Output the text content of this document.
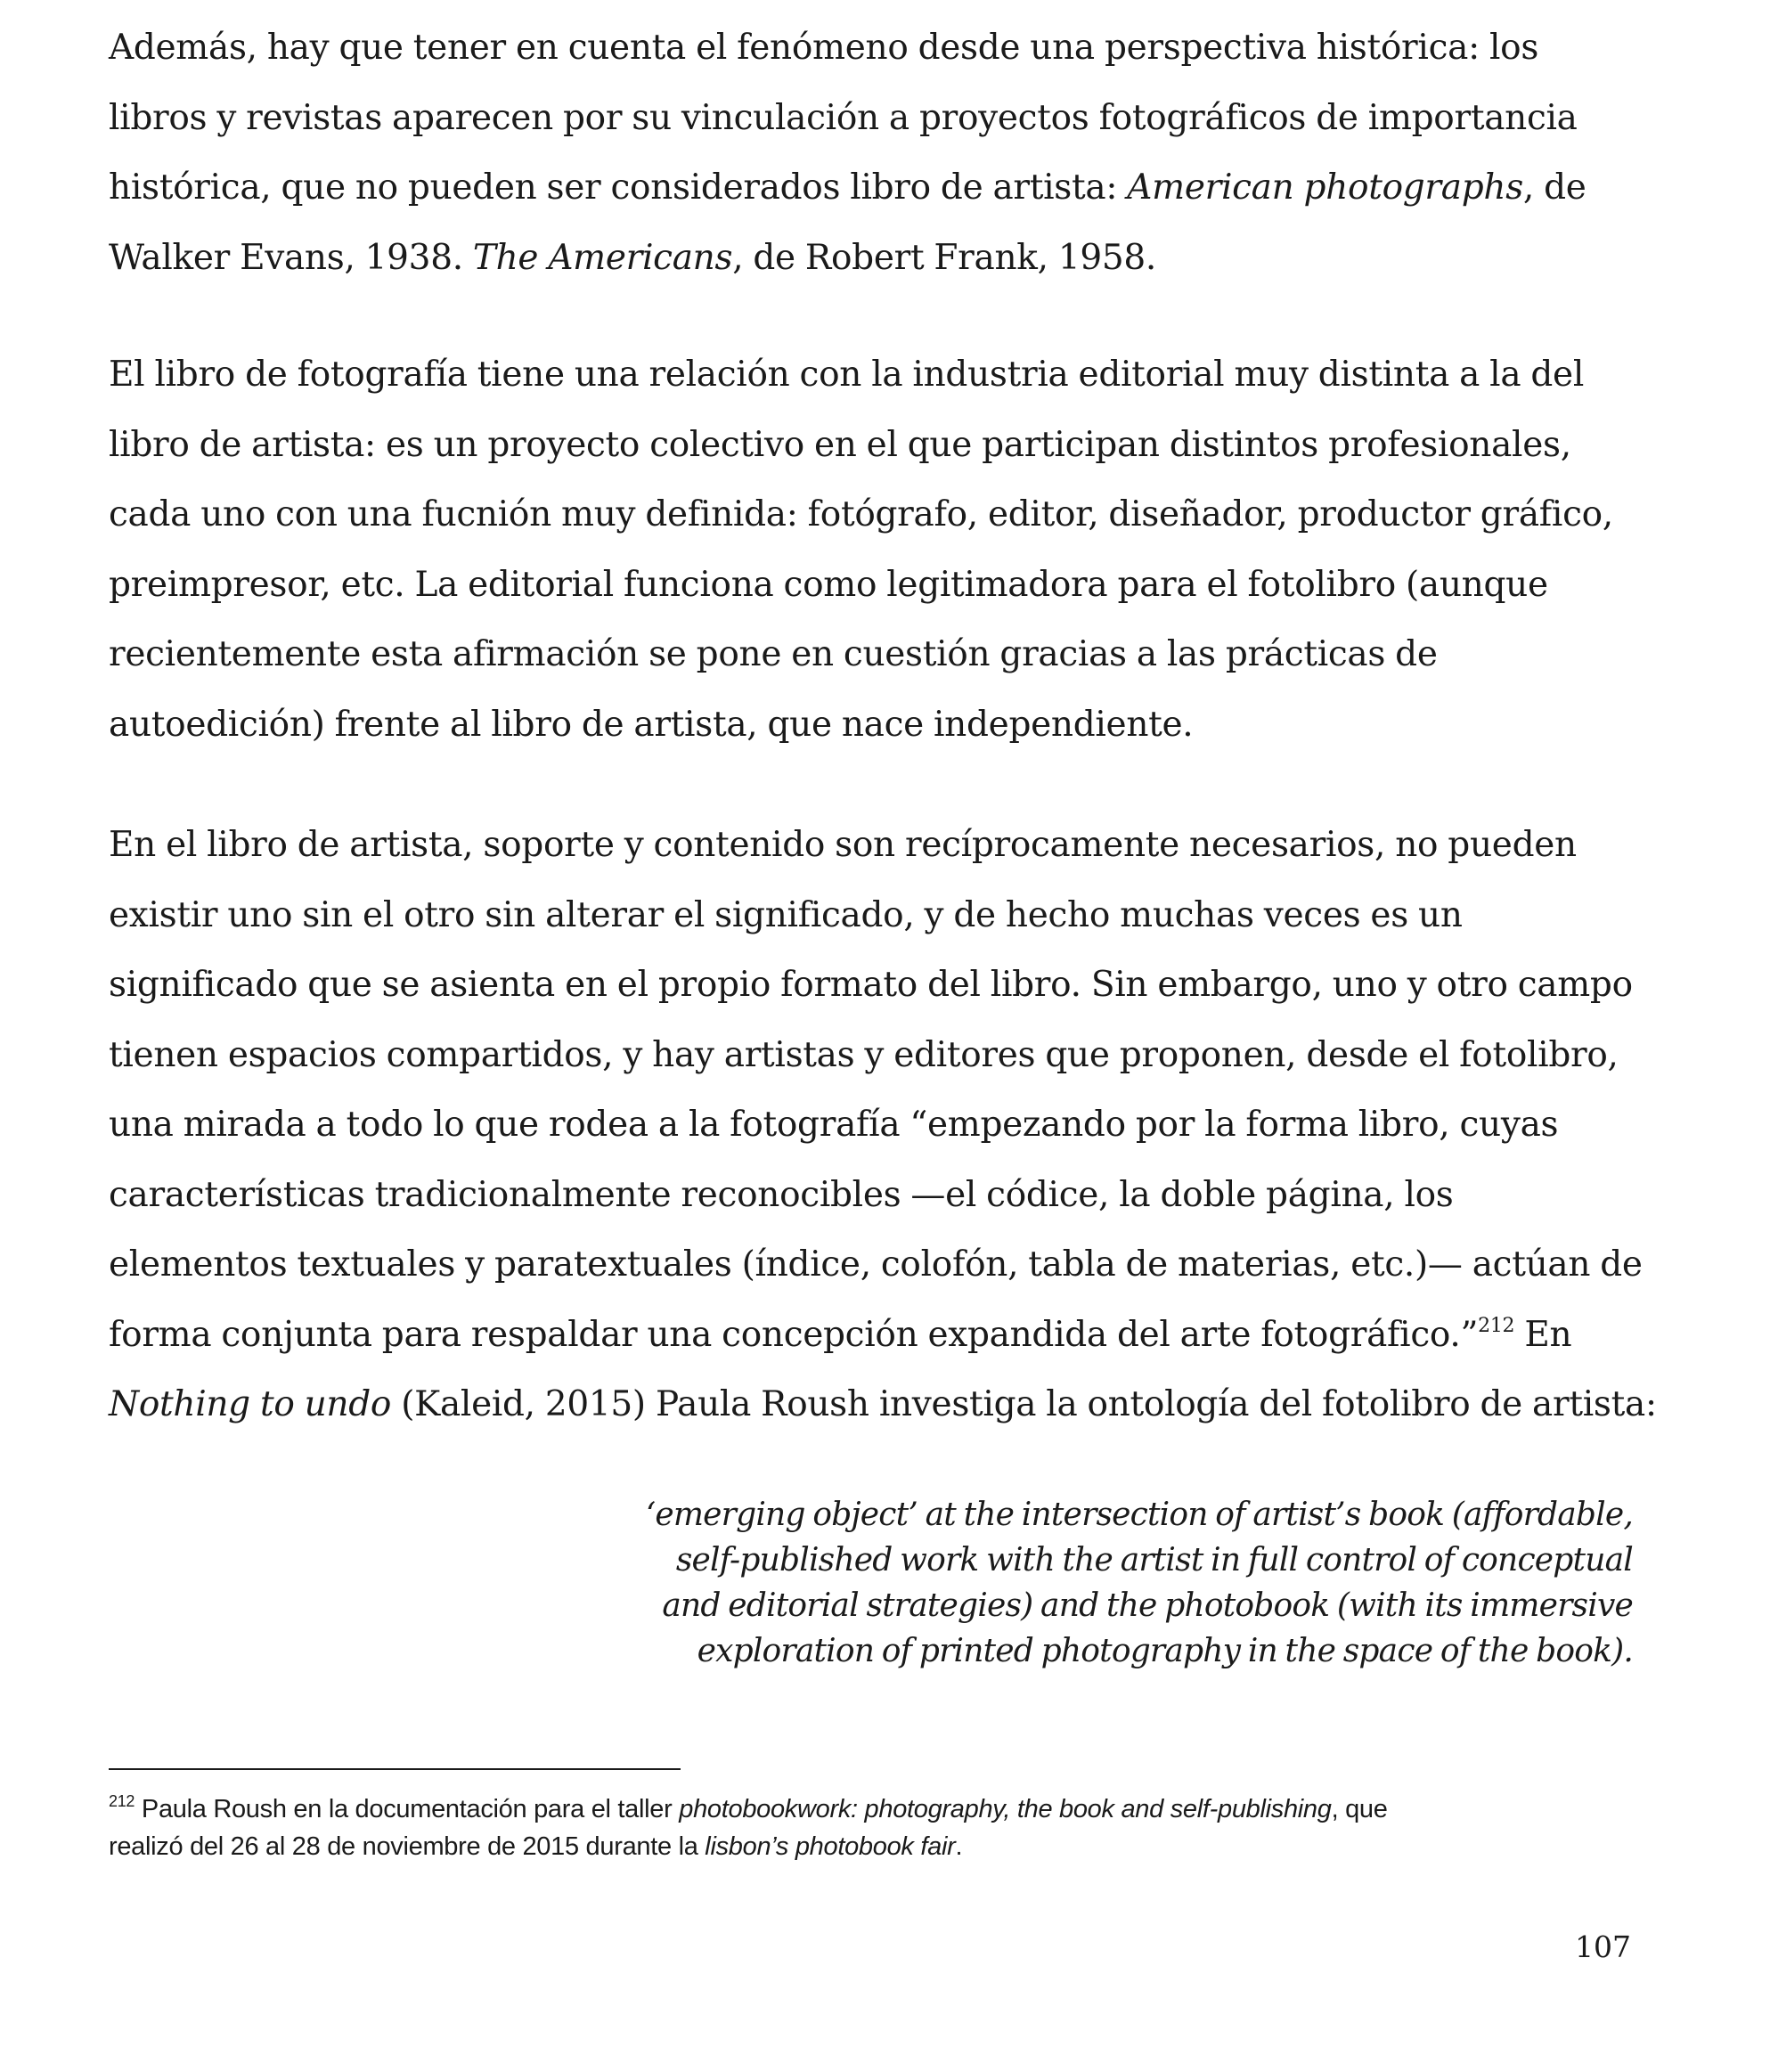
Además, hay que tener en cuenta el fenómeno desde una perspectiva histórica: los
libros y revistas aparecen por su vinculación a proyectos fotográficos de importancia
histórica, que no pueden ser considerados libro de artista: American photographs, de
Walker Evans, 1938. The Americans, de Robert Frank, 1958.

El libro de fotografía tiene una relación con la industria editorial muy distinta a la del
libro de artista: es un proyecto colectivo en el que participan distintos profesionales,
cada uno con una fucnión muy definida: fotógrafo, editor, diseñador, productor gráfico,
preimpresor, etc. La editorial funciona como legitimadora para el fotolibro (aunque
recientemente esta afirmación se pone en cuestión gracias a las prácticas de
autoedición) frente al libro de artista, que nace independiente.

En el libro de artista, soporte y contenido son recíprocamente necesarios, no pueden
existir uno sin el otro sin alterar el significado, y de hecho muchas veces es un
significado que se asienta en el propio formato del libro. Sin embargo, uno y otro campo
tienen espacios compartidos, y hay artistas y editores que proponen, desde el fotolibro,
una mirada a todo lo que rodea a la fotografía “empezando por la forma libro, cuyas
características tradicionalmente reconocibles —el códice, la doble página, los
elementos textuales y paratextuales (índice, colofón, tabla de materias, etc.)— actúan de
forma conjunta para respaldar una concepción expandida del arte fotográfico.”$^{212}$ En
Nothing to undo (Kaleid, 2015) Paula Roush investiga la ontología del fotolibro de artista:

‘emerging object’ at the intersection of artist’s book (affordable,
self-published work with the artist in full control of conceptual
and editorial strategies) and the photobook (with its immersive
exploration of printed photography in the space of the book).
$^{212}$ Paula Roush en la documentación para el taller photobookwork: photography, the book and self-publishing, que
realizó del 26 al 28 de noviembre de 2015 durante la lisbon’s photobook fair.
107
